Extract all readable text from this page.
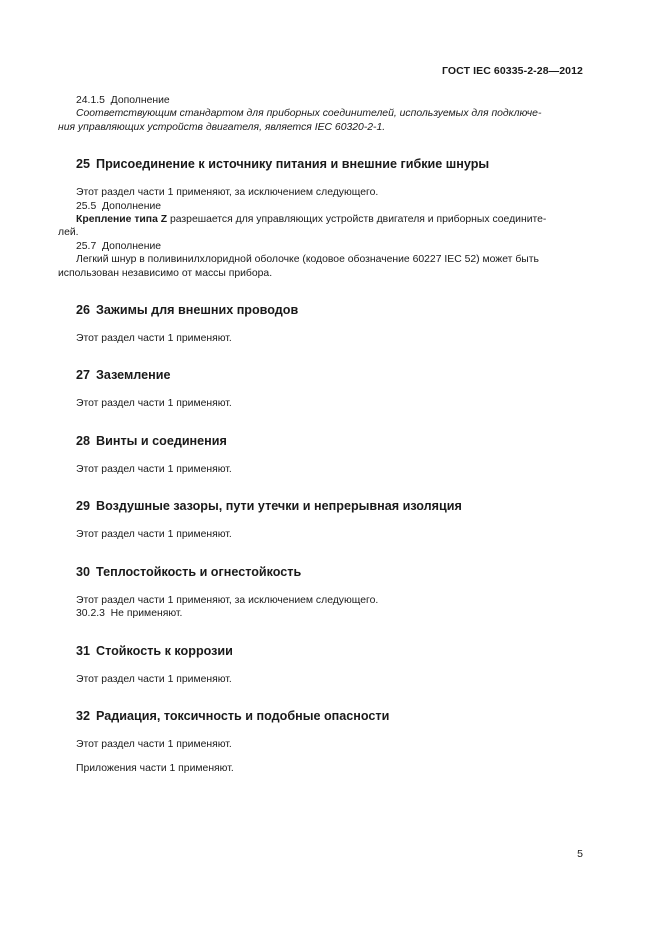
ГОСТ IEC 60335-2-28—2012

24.1.5 Дополнение

Соответствующим стандартом для приборных соединителей, используемых для подключе-

ния управляющих устройств двигателя, является IEC 60320-2-1.

25 Присоединение к источнику питания и внешние гибкие шнуры

Этот раздел части 1 применяют, за исключением следующего.

25.5 Дополнение

Крепление типа Z разрешается для управляющих устройств двигателя и приборных соедините-

лей.

25.7 Дополнение

Легкий шнур в поливинилхлоридной оболочке (кодовое обозначение 60227 IEC 52) может быть

использован независимо от массы прибора.

26 Зажимы для внешних проводов

Этот раздел части 1 применяют.

27 Заземление

Этот раздел части 1 применяют.

28 Винты и соединения

Этот раздел части 1 применяют.

29 Воздушные зазоры, пути утечки и непрерывная изоляция

Этот раздел части 1 применяют.

30 Теплостойкость и огнестойкость

Этот раздел части 1 применяют, за исключением следующего.

30.2.3 Не применяют.

31 Стойкость к коррозии

Этот раздел части 1 применяют.

32 Радиация, токсичность и подобные опасности

Этот раздел части 1 применяют.

Приложения части 1 применяют.

5
